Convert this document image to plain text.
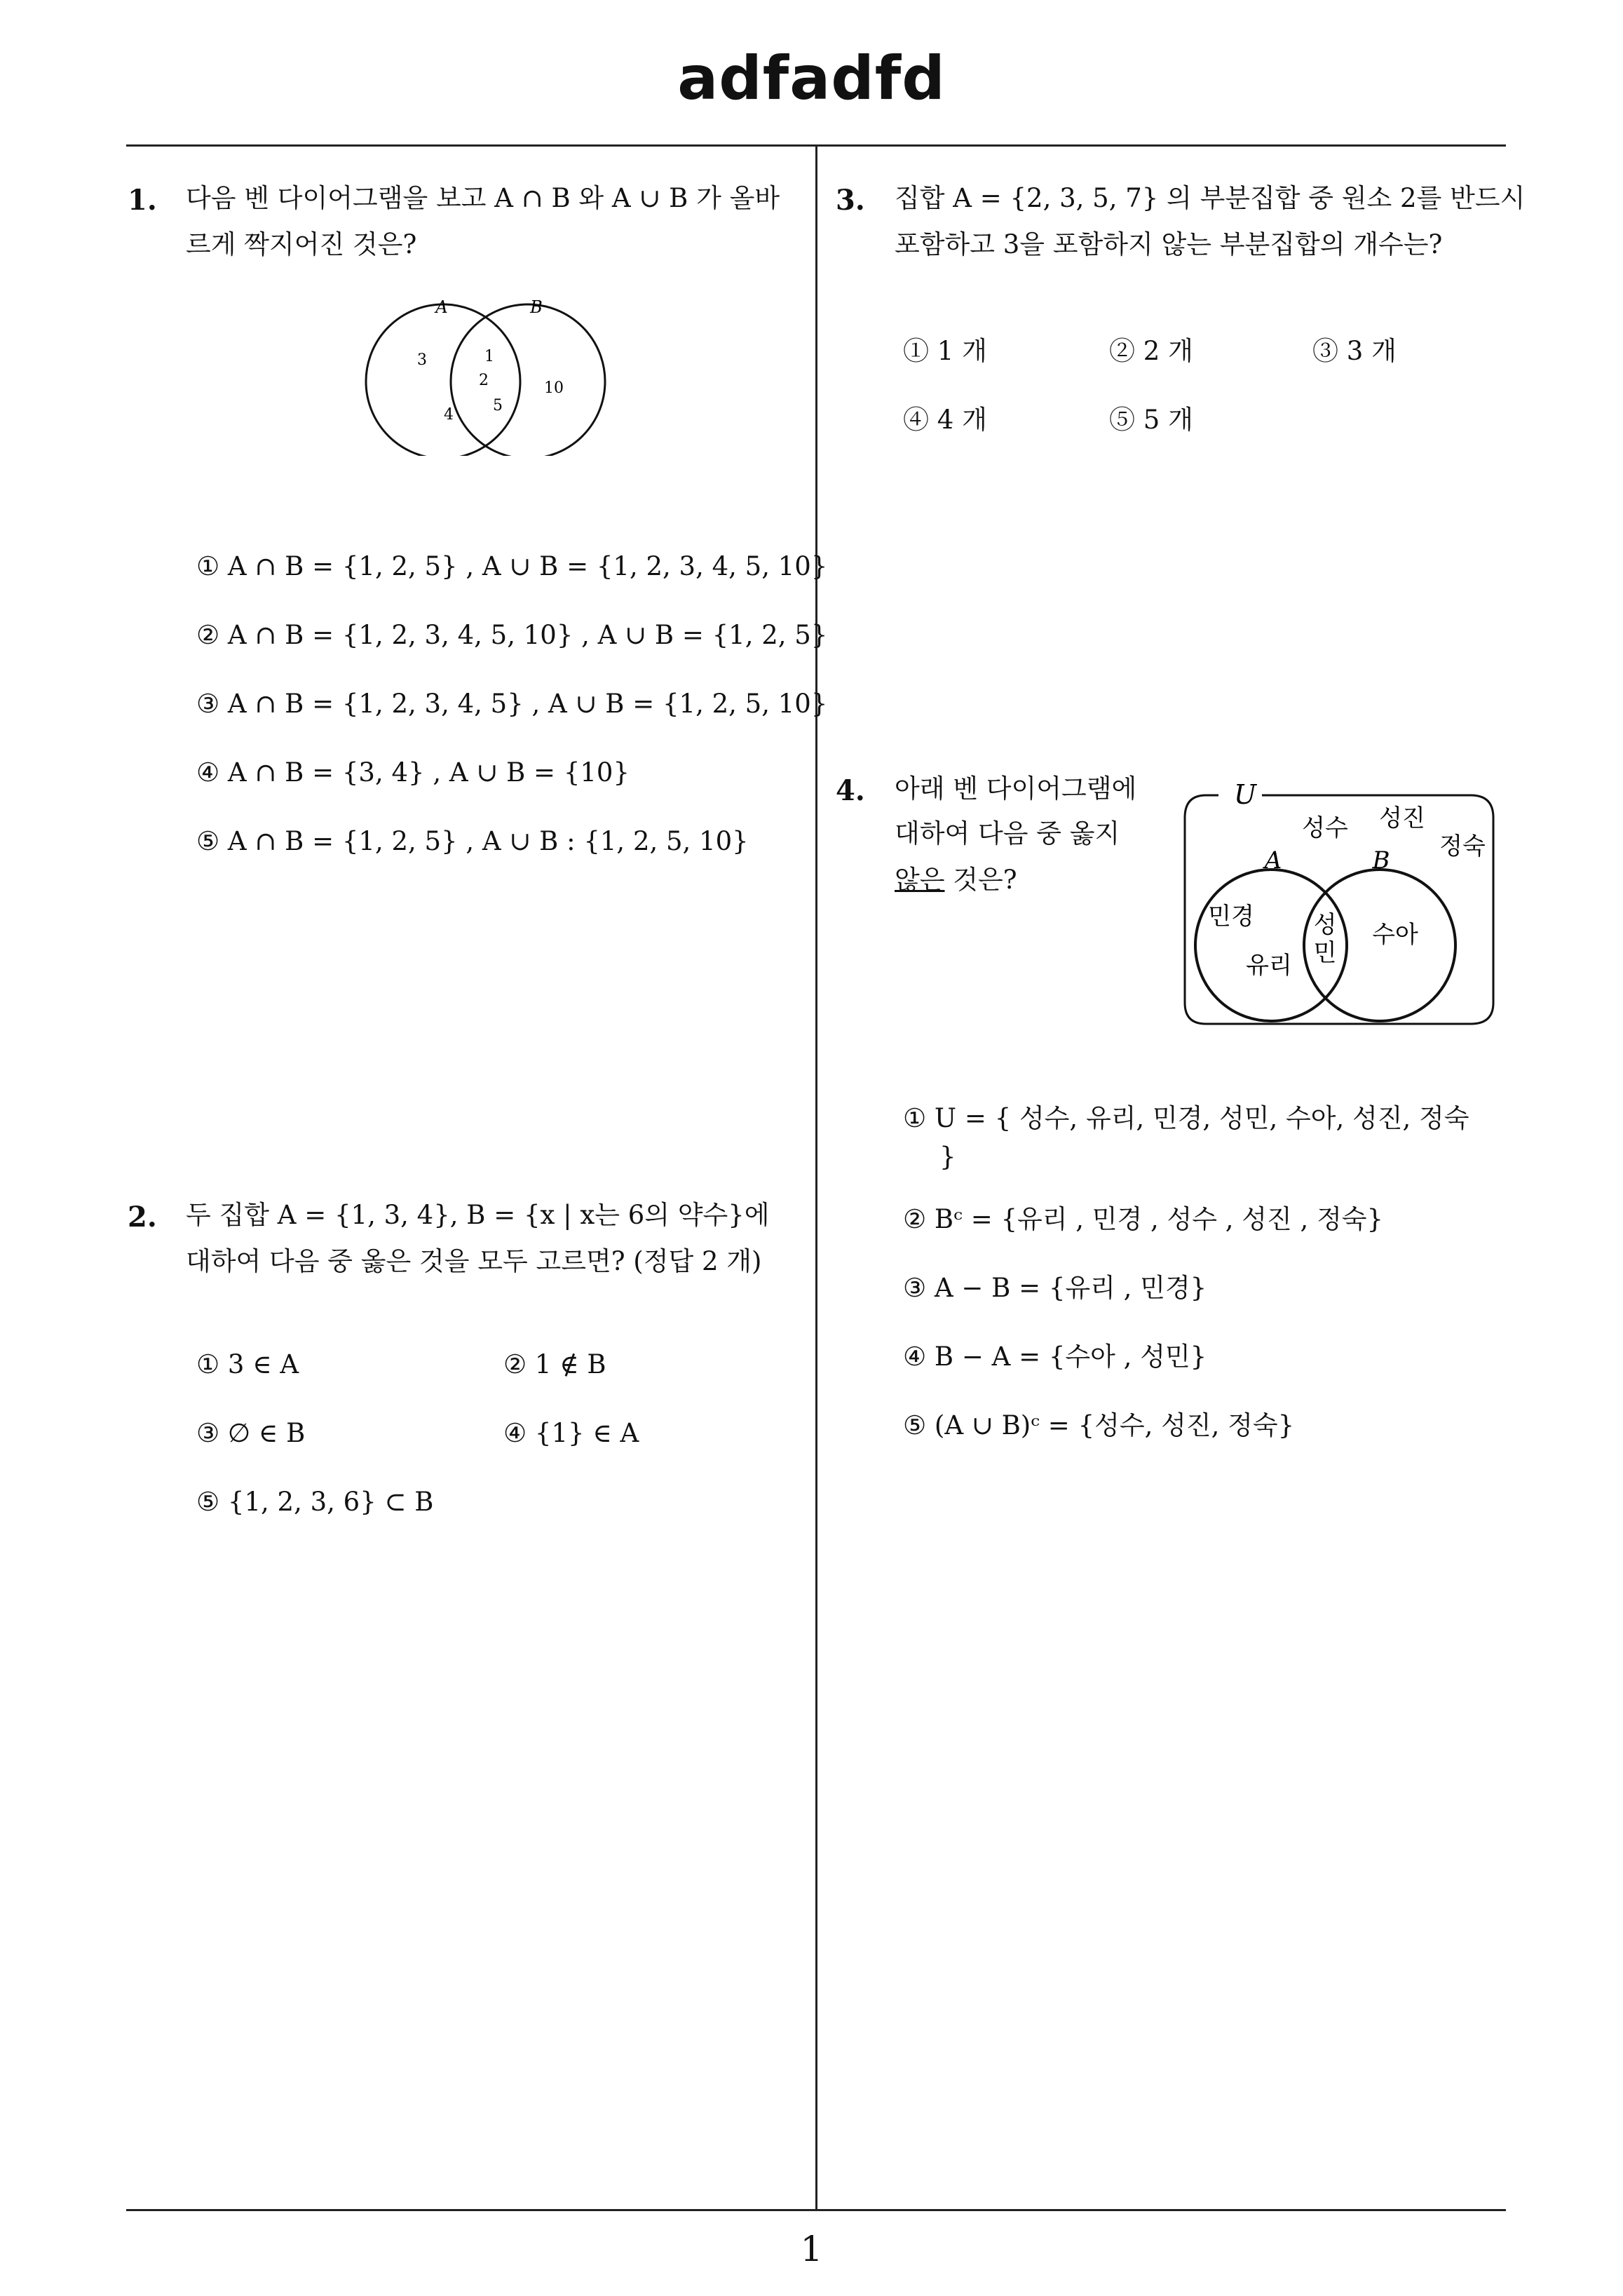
adfadfd
1
1. 다음 벤 다이어그램을 보고 A ∩ B 와 A ∪ B 가 올바
르게 짝지어진 것은?
A	B
3
4
1
2
5
10
① A ∩ B = {1, 2, 5} , A ∪ B = {1, 2, 3, 4, 5, 10}
② A ∩ B = {1, 2, 3, 4, 5, 10} , A ∪ B = {1, 2, 5}
③ A ∩ B = {1, 2, 3, 4, 5} , A ∪ B = {1, 2, 5, 10}
④ A ∩ B = {3, 4} , A ∪ B = {10}
⑤ A ∩ B = {1, 2, 5} , A ∪ B : {1, 2, 5, 10}
2. 두 집합 A = {1, 3, 4}, B = {x | x는 6의 약수}에
대하여 다음 중 옳은 것을 모두 고르면? (정답 2 개)
① 3 ∈ A	② 1 ∉ B
③ ∅ ∈ B	④ {1} ∈ A
⑤ {1, 2, 3, 6} ⊂ B
3. 집합 A = {2, 3, 5, 7} 의 부분집합 중 원소 2를 반드시
포함하고 3을 포함하지 않는 부분집합의 개수는?
① 1 개	② 2 개	③ 3 개
④ 4 개	⑤ 5 개
4. 아래 벤 다이어그램에
대하여 다음 중 옳지
않은 것은?
U
성수 성진
정숙
A	B
민경
유리
성
민
수아
① U = { 성수, 유리, 민경, 성민, 수아, 성진, 정숙
}
② Bᶜ = {유리 , 민경 , 성수 , 성진 , 정숙}
③ A − B = {유리 , 민경}
④ B − A = {수아 , 성민}
⑤ (A ∪ B)ᶜ = {성수, 성진, 정숙}
